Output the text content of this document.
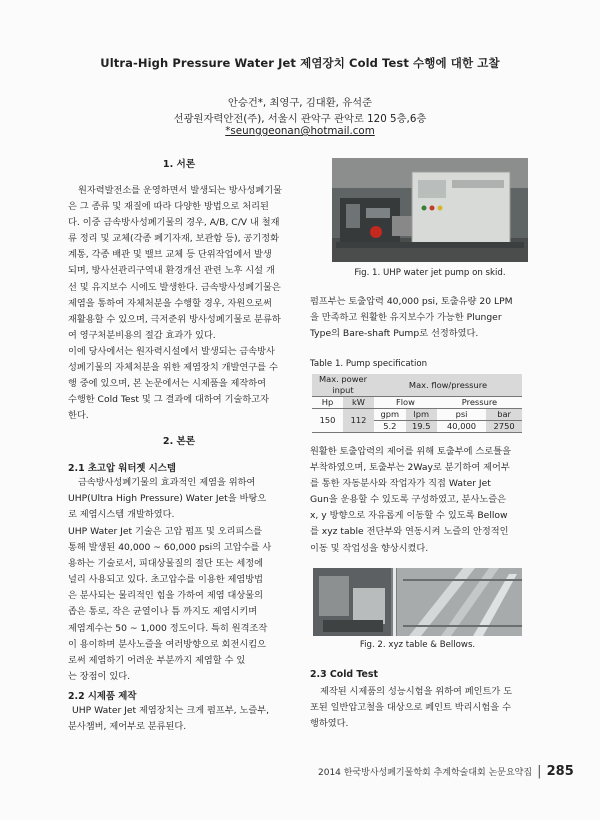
Ultra-High Pressure Water Jet 제염장치 Cold Test 수행에 대한 고찰
안승건*, 최영구, 김대환, 유석준
선광원자력안전(주), 서울시 관악구 관악로 120 5층,6층
*seunggeonan@hotmail.com
1. 서론

원자력발전소를 운영하면서 발생되는 방사성폐기물

은 그 종류 및 재질에 따라 다양한 방법으로 처리된

다. 이중 금속방사성폐기물의 경우, A/B, C/V 내 철재

류 정리 및 교체(각종 폐기자재, 보관함 등), 공기정화

계통, 각종 배관 및 밸브 교체 등 단위작업에서 발생

되며, 방사선관리구역내 환경개선 관련 노후 시설 개

선 및 유지보수 시에도 발생한다. 금속방사성폐기물은

제염을 통하여 자체처분을 수행할 경우, 자원으로써

재활용할 수 있으며, 극저준위 방사성폐기물로 분류하

여 영구처분비용의 절감 효과가 있다.

이에 당사에서는 원자력시설에서 발생되는 금속방사

성폐기물의 자체처분을 위한 제염장치 개발연구를 수

행 중에 있으며, 본 논문에서는 시제품을 제작하여

수행한 Cold Test 및 그 결과에 대하여 기술하고자

한다.

2. 본론
2.1 초고압 워터젯 시스템

금속방사성폐기물의 효과적인 제염을 위하여

UHP(Ultra High Pressure) Water Jet을 바탕으

로 제염시스템 개발하였다.

UHP Water Jet 기술은 고압 펌프 및 오리피스를

통해 발생된 40,000 ~ 60,000 psi의 고압수를 사

용하는 기술로서, 피대상물질의 절단 또는 세정에

널리 사용되고 있다. 초고압수를 이용한 제염방법

은 분사되는 물리적인 힘을 가하여 제염 대상물의

좁은 통로, 작은 균열이나 틈 까지도 제염시키며

제염계수는 50 ~ 1,000 정도이다. 특히 원격조작

이 용이하며 분사노즐을 여러방향으로 회전시킴으

로써 제염하기 어려운 부분까지 제염할 수 있

는 장점이 있다.

2.2 시제품 제작

UHP Water Jet 제염장치는 크게 펌프부, 노즐부,

분사챔버, 제어부로 분류된다.

Fig. 1. UHP water jet pump on skid.

펌프부는 토출압력 40,000 psi, 토출유량 20 LPM

을 만족하고 원활한 유지보수가 가능한 Plunger

Type의 Bare-shaft Pump로 선정하였다.

Table 1. Pump specification
Max. power input		Max. flow/pressure			
Hp	kW	Flow		Pressure	
150	112	gpm	lpm	psi	bar
		5.2	19.5	40,000	2750

원활한 토출압력의 제어를 위해 토출부에 스로틀을

부착하였으며, 토출부는 2Way로 분기하여 제어부

를 통한 자동분사와 작업자가 직접 Water Jet

Gun을 운용할 수 있도록 구성하였고, 분사노즐은

x, y 방향으로 자유롭게 이동할 수 있도록 Bellow

를 xyz table 전단부와 연동시켜 노즐의 안정적인

이동 및 작업성을 향상시켰다.

Fig. 2. xyz table & Bellows.
2.3 Cold Test

제작된 시제품의 성능시험을 위하여 페인트가 도

포된 일반압고철을 대상으로 페인트 박리시험을 수

행하였다.

2014 한국방사성폐기물학회 추계학술대회 논문요약집 | 285
